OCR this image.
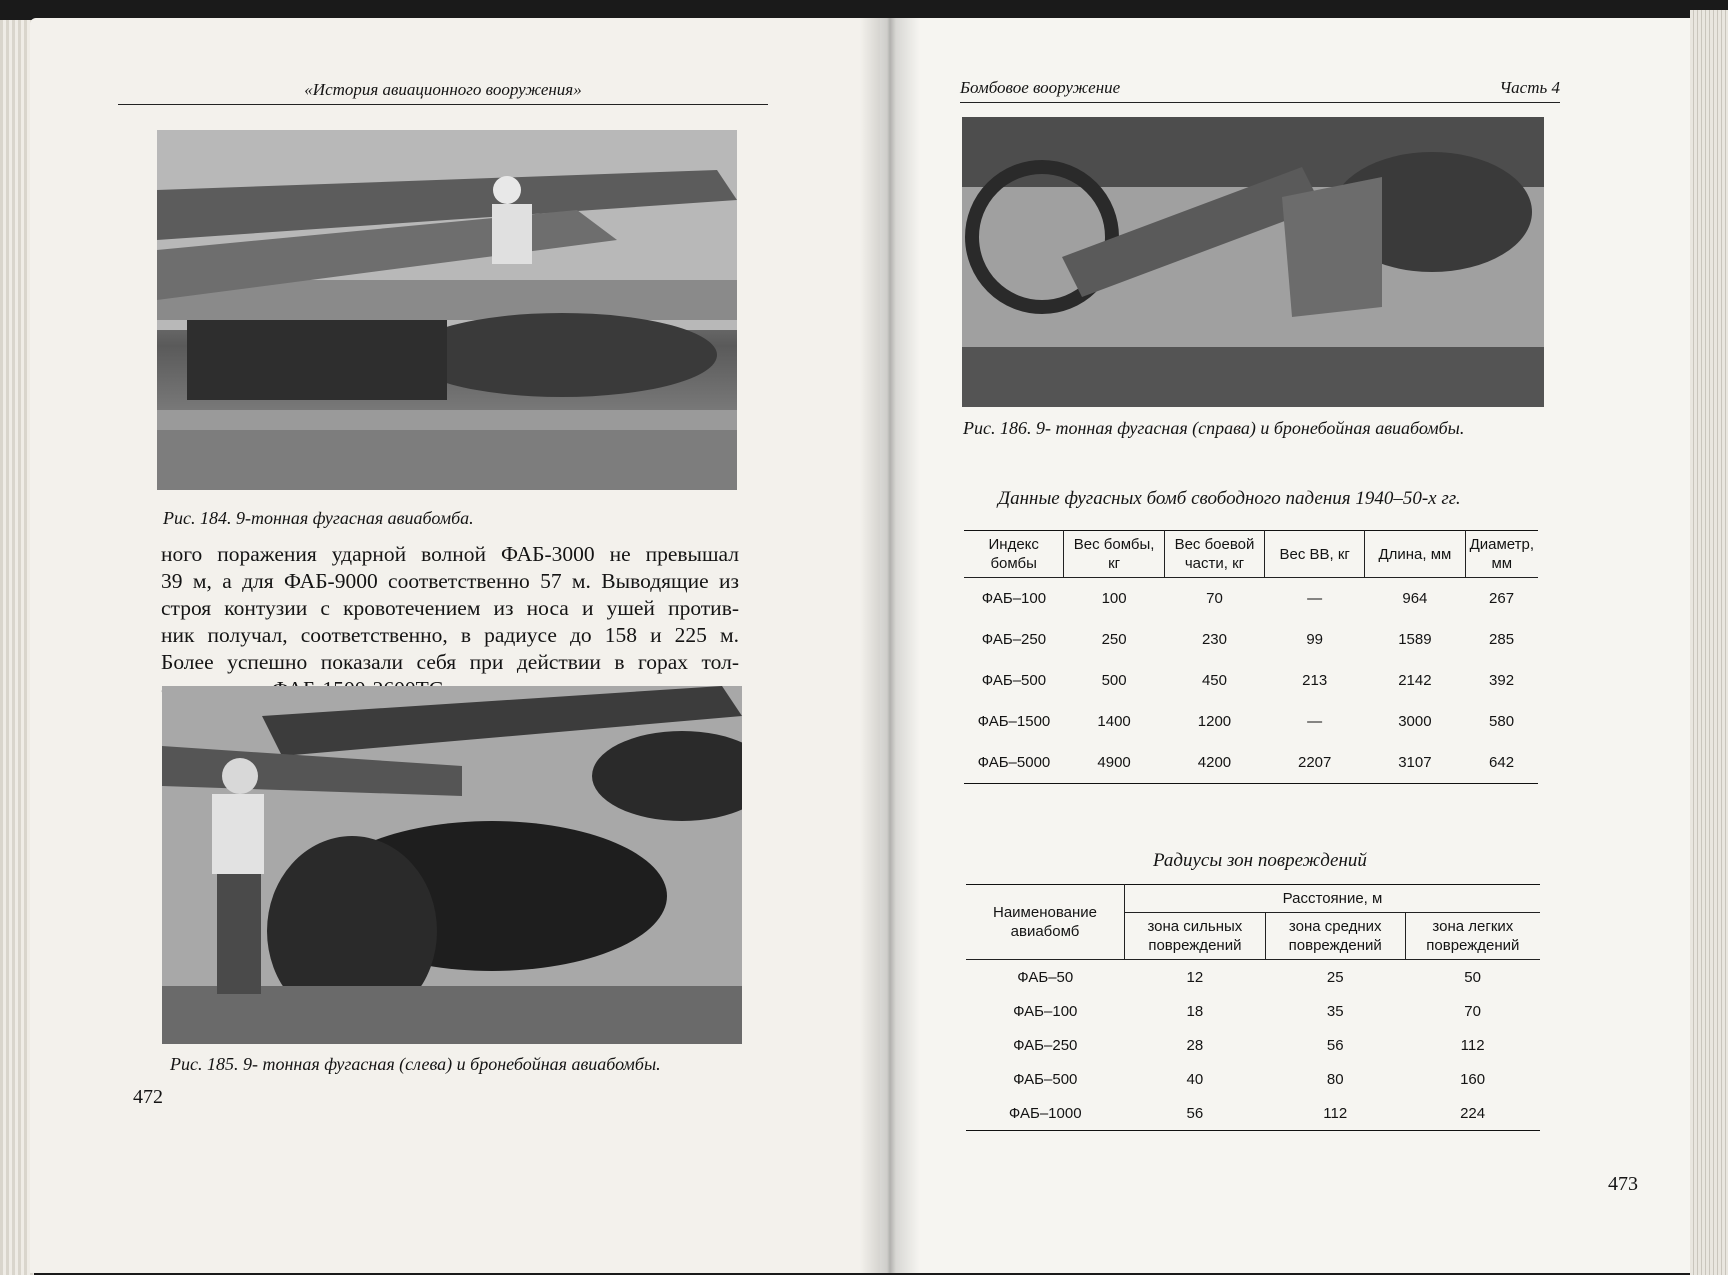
«История авиационного вооружения»
Рис. 184. 9-тонная фугасная авиабомба.
ного поражения ударной волной ФАБ-3000 не превышал
39 м, а для ФАБ-9000 соответственно 57 м. Выводящие из
строя контузии с кровотечением из носа и ушей против-
ник получал, соответственно, в радиусе до 158 и 225 м.
Более успешно показали себя при действии в горах тол-
Рис. 185. 9- тонная фугасная (слева) и бронебойная авиабомбы.
472
Бомбовое вооружение	Часть 4
Рис. 186. 9- тонная фугасная (справа) и бронебойная авиабомбы.
Данные фугасных бомб свободного падения 1940–50-х гг.
Индекс бомбы	Вес бомбы, кг	Вес боевой части, кг	Вес ВВ, кг	Длина, мм	Диаметр, мм
ФАБ–100	100	70	—	964	267
ФАБ–250	250	230	99	1589	285
ФАБ–500	500	450	213	2142	392
ФАБ–1500	1400	1200	—	3000	580
ФАБ–5000	4900	4200	2207	3107	642
Радиусы зон повреждений
Наименование авиабомб	Расстояние, м		
	зона сильных повреждений	зона средних повреждений	зона легких повреждений
ФАБ–50	12	25	50
ФАБ–100	18	35	70
ФАБ–250	28	56	112
ФАБ–500	40	80	160
ФАБ–1000	56	112	224
473
